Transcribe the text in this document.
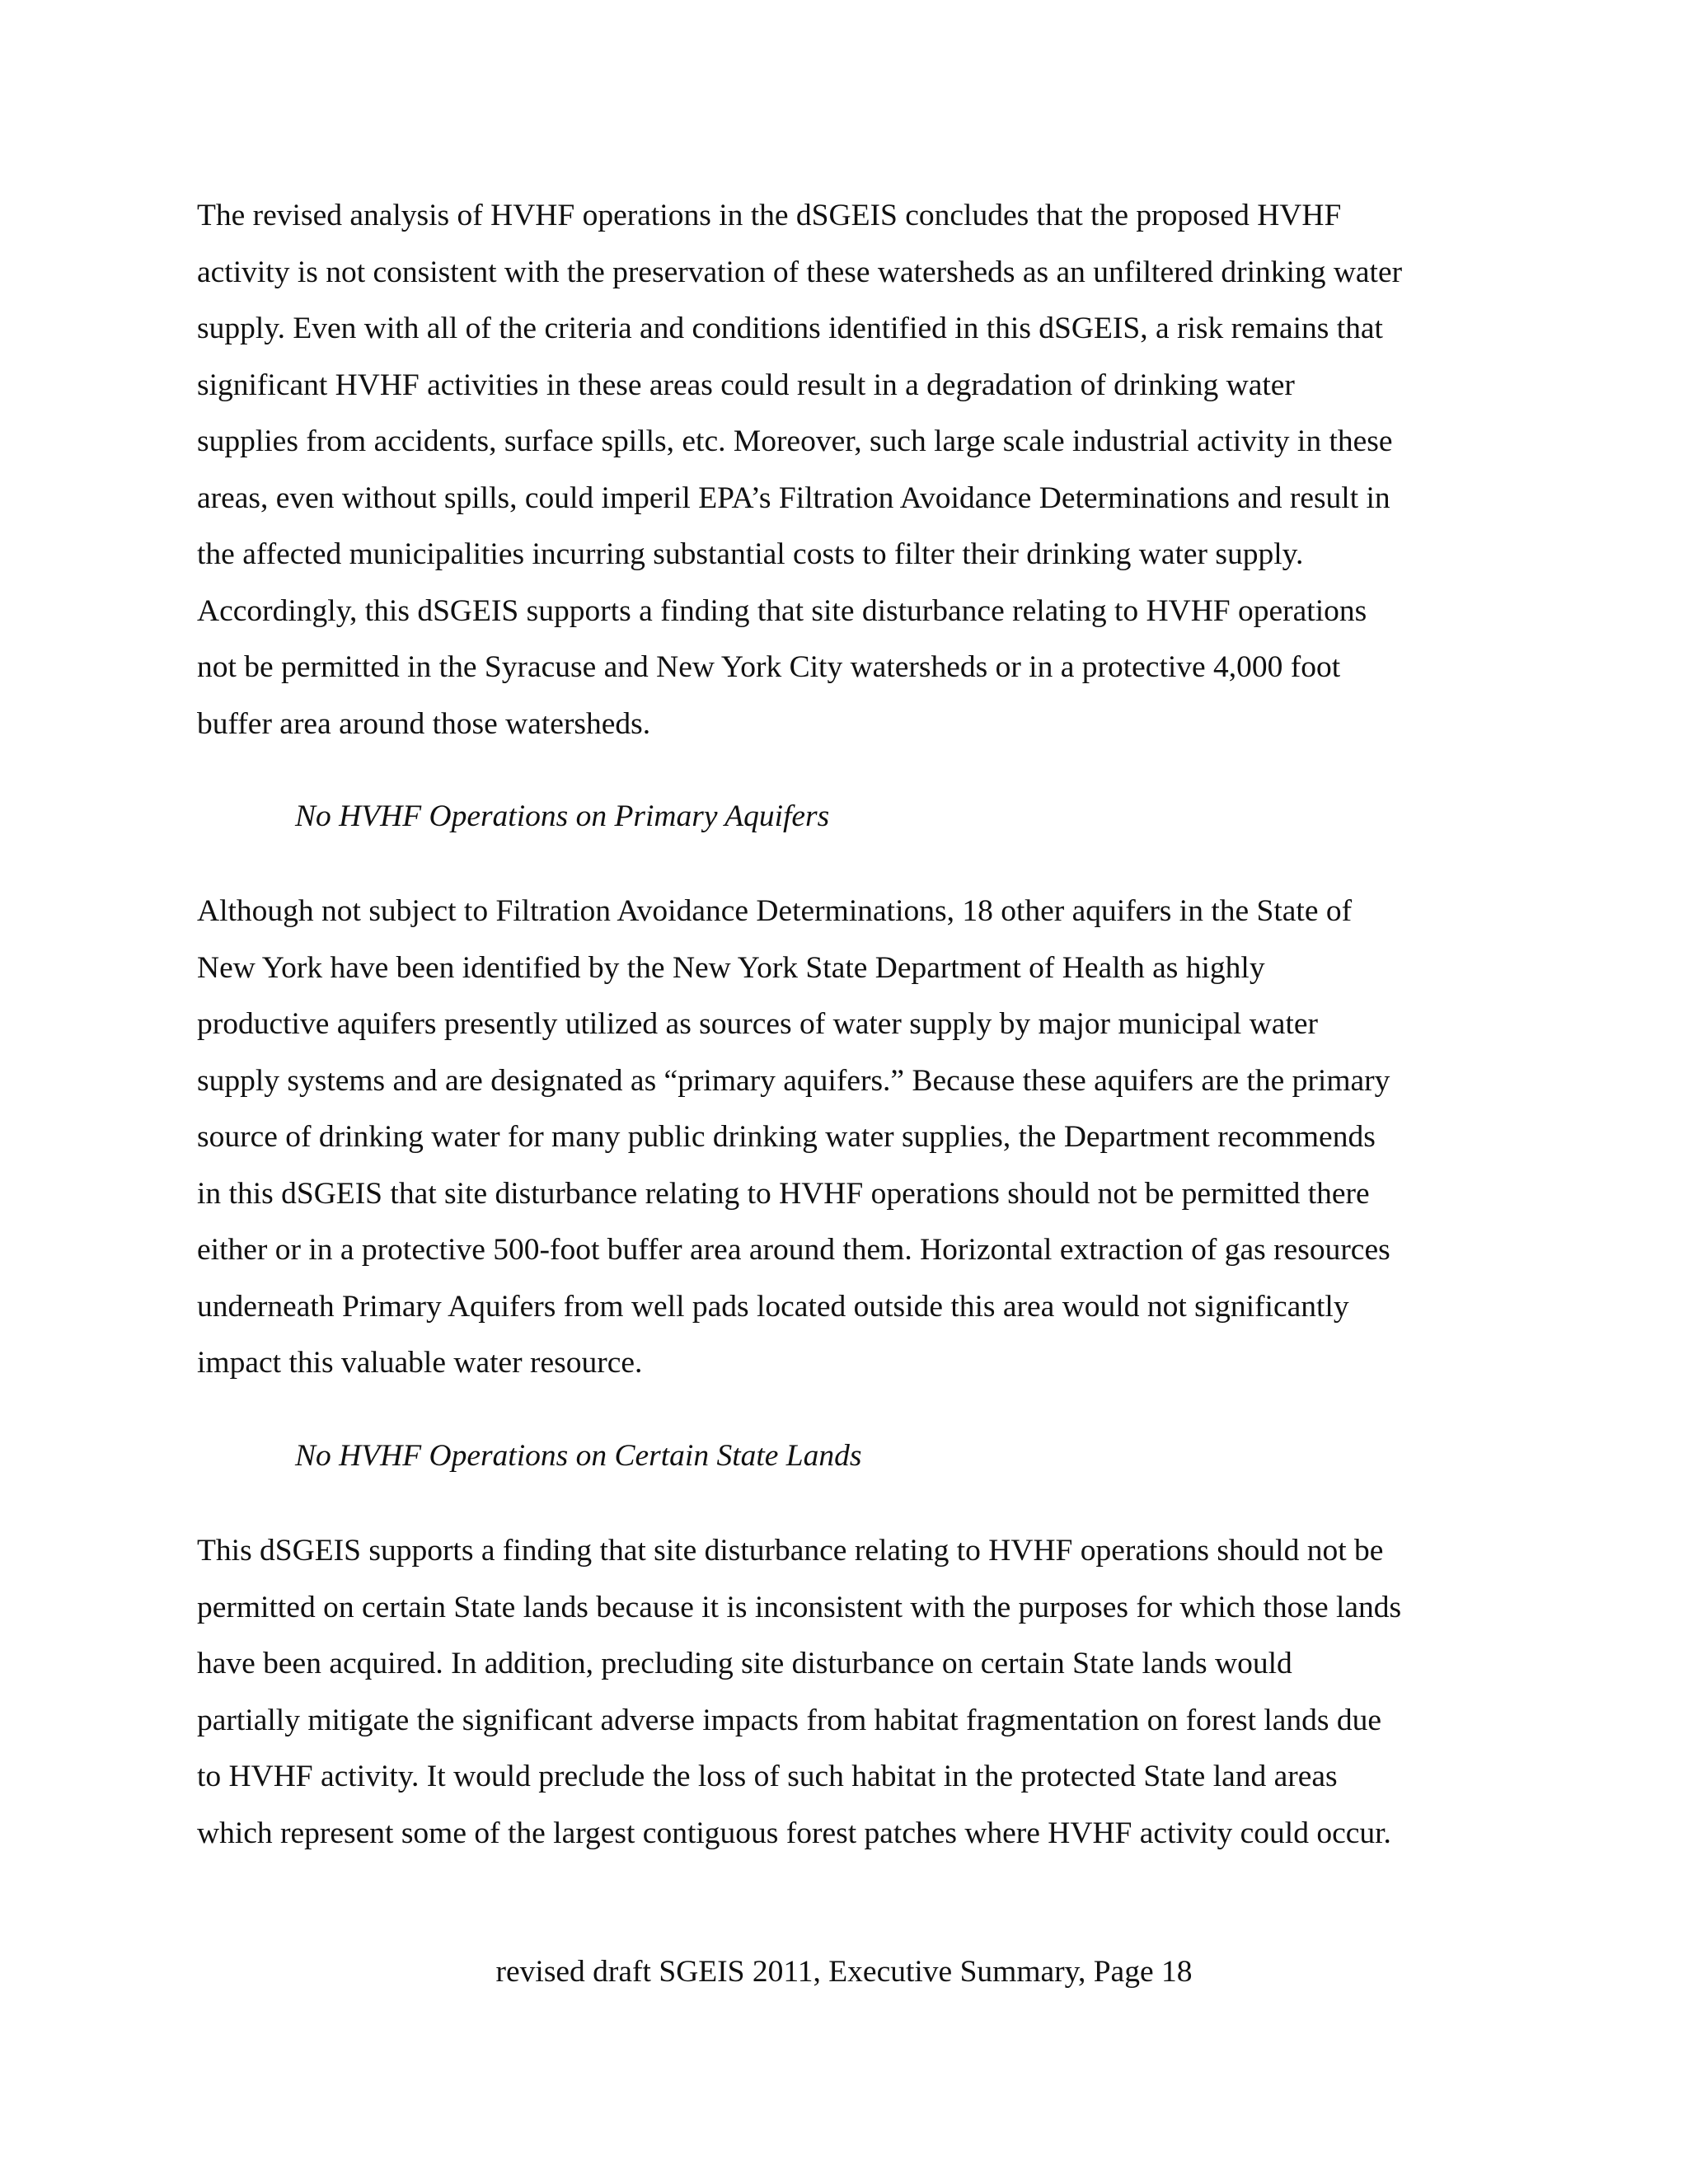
The revised analysis of HVHF operations in the dSGEIS concludes that the proposed HVHF
activity is not consistent with the preservation of these watersheds as an unfiltered drinking water
supply. Even with all of the criteria and conditions identified in this dSGEIS, a risk remains that
significant HVHF activities in these areas could result in a degradation of drinking water
supplies from accidents, surface spills, etc. Moreover, such large scale industrial activity in these
areas, even without spills, could imperil EPA’s Filtration Avoidance Determinations and result in
the affected municipalities incurring substantial costs to filter their drinking water supply.
Accordingly, this dSGEIS supports a finding that site disturbance relating to HVHF operations
not be permitted in the Syracuse and New York City watersheds or in a protective 4,000 foot
buffer area around those watersheds.
No HVHF Operations on Primary Aquifers
Although not subject to Filtration Avoidance Determinations, 18 other aquifers in the State of
New York have been identified by the New York State Department of Health as highly
productive aquifers presently utilized as sources of water supply by major municipal water
supply systems and are designated as “primary aquifers.” Because these aquifers are the primary
source of drinking water for many public drinking water supplies, the Department recommends
in this dSGEIS that site disturbance relating to HVHF operations should not be permitted there
either or in a protective 500-foot buffer area around them. Horizontal extraction of gas resources
underneath Primary Aquifers from well pads located outside this area would not significantly
impact this valuable water resource.
No HVHF Operations on Certain State Lands
This dSGEIS supports a finding that site disturbance relating to HVHF operations should not be
permitted on certain State lands because it is inconsistent with the purposes for which those lands
have been acquired. In addition, precluding site disturbance on certain State lands would
partially mitigate the significant adverse impacts from habitat fragmentation on forest lands due
to HVHF activity. It would preclude the loss of such habitat in the protected State land areas
which represent some of the largest contiguous forest patches where HVHF activity could occur.
revised draft SGEIS 2011, Executive Summary, Page 18
